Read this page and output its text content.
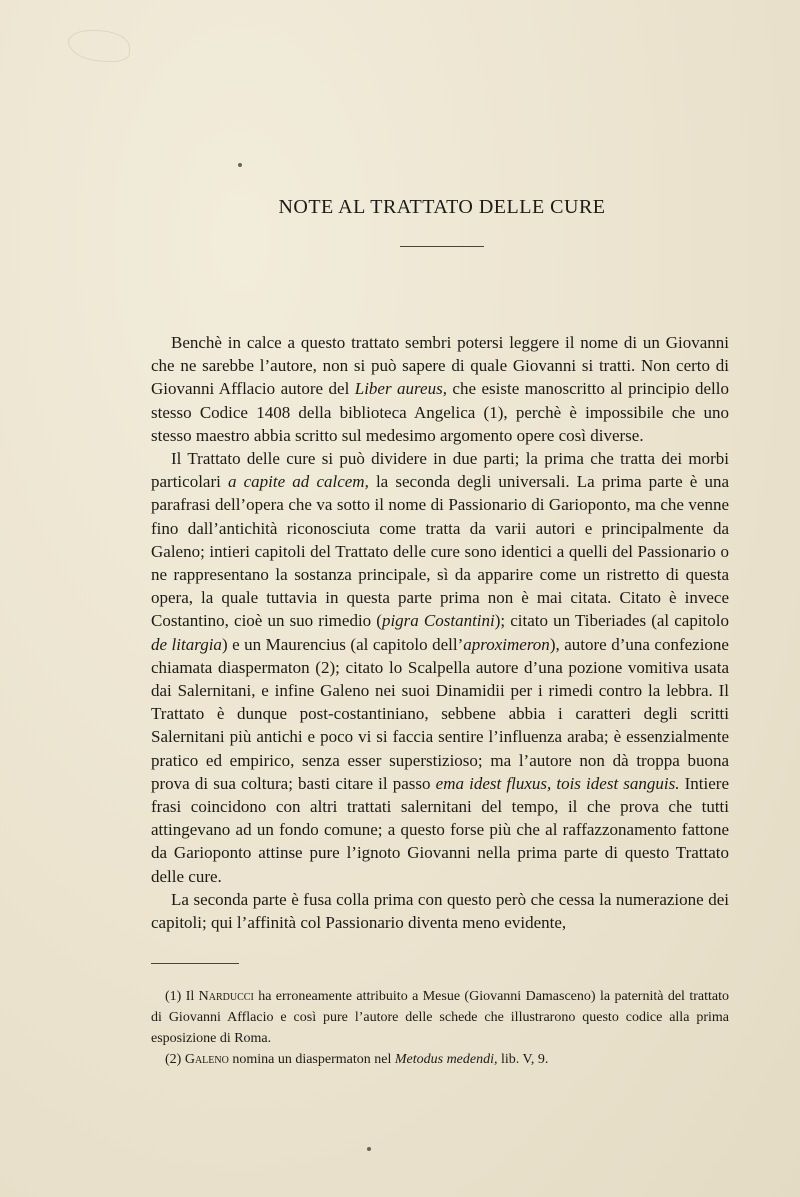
NOTE AL TRATTATO DELLE CURE

Benchè in calce a questo trattato sembri potersi leggere il nome di un Giovanni che ne sarebbe l’autore, non si può sapere di quale Giovanni si tratti. Non certo di Giovanni Afflacio autore del Liber aureus, che esiste manoscritto al principio dello stesso Codice 1408 della biblioteca Angelica (1), perchè è impossibile che uno stesso maestro abbia scritto sul medesimo argomento opere così diverse.

Il Trattato delle cure si può dividere in due parti; la prima che tratta dei morbi particolari a capite ad calcem, la seconda degli universali. La prima parte è una parafrasi dell’opera che va sotto il nome di Passionario di Garioponto, ma che venne fino dall’antichità riconosciuta come tratta da varii autori e principalmente da Galeno; intieri capitoli del Trattato delle cure sono identici a quelli del Passionario o ne rappresentano la sostanza principale, sì da apparire come un ristretto di questa opera, la quale tuttavia in questa parte prima non è mai citata. Citato è invece Costantino, cioè un suo rimedio (pigra Costantini); citato un Tiberiades (al capitolo de litargia) e un Maurencius (al capitolo dell’aproximeron), autore d’una confezione chiamata diaspermaton (2); citato lo Scalpella autore d’una pozione vomitiva usata dai Salernitani, e infine Galeno nei suoi Dinamidii per i rimedi contro la lebbra. Il Trattato è dunque post-costantiniano, sebbene abbia i caratteri degli scritti Salernitani più antichi e poco vi si faccia sentire l’influenza araba; è essenzialmente pratico ed empirico, senza esser superstizioso; ma l’autore non dà troppa buona prova di sua coltura; basti citare il passo ema idest fluxus, tois idest sanguis. Intiere frasi coincidono con altri trattati salernitani del tempo, il che prova che tutti attingevano ad un fondo comune; a questo forse più che al raffazzonamento fattone da Garioponto attinse pure l’ignoto Giovanni nella prima parte di questo Trattato delle cure.

La seconda parte è fusa colla prima con questo però che cessa la numerazione dei capitoli; qui l’affinità col Passionario diventa meno evidente,

(1) Il Narducci ha erroneamente attribuito a Mesue (Giovanni Damasceno) la paternità del trattato di Giovanni Afflacio e così pure l’autore delle schede che illustrarono questo codice alla prima esposizione di Roma.

(2) Galeno nomina un diaspermaton nel Metodus medendi, lib. V, 9.
